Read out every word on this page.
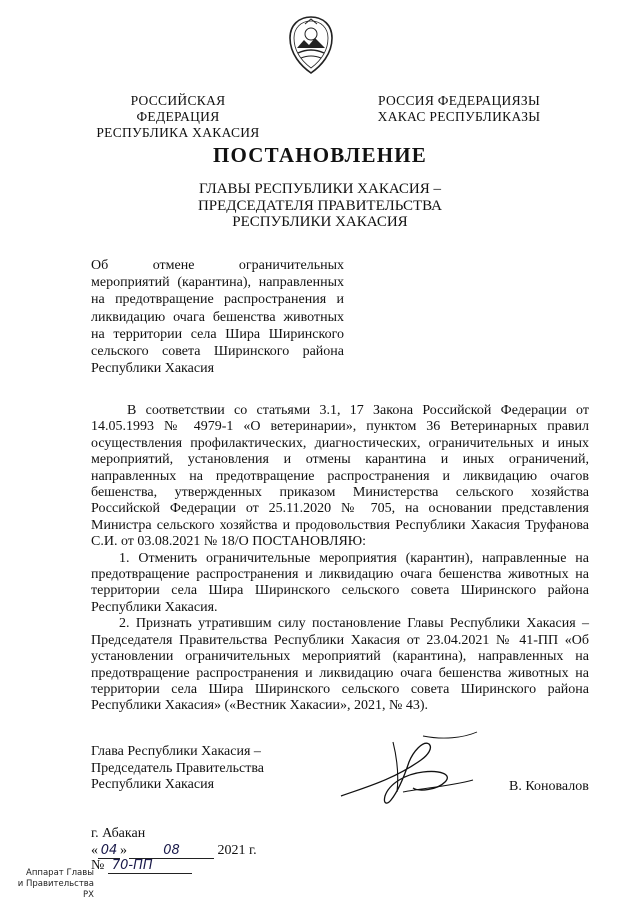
РОССИЙСКАЯ ФЕДЕРАЦИЯ
РЕСПУБЛИКА ХАКАСИЯ
РОССИЯ ФЕДЕРАЦИЯЗЫ
ХАКАС РЕСПУБЛИКАЗЫ
ПОСТАНОВЛЕНИЕ
ГЛАВЫ РЕСПУБЛИКИ ХАКАСИЯ –
ПРЕДСЕДАТЕЛЯ ПРАВИТЕЛЬСТВА
РЕСПУБЛИКИ ХАКАСИЯ
Об отмене ограничительных
мероприятий (карантина), направленных на предотвращение распространения и ликвидацию очага бешенства животных на территории села Шира Ширинского сельского совета Ширинского района Республики Хакасия

В соответствии со статьями 3.1, 17 Закона Российской Федерации от 14.05.1993 № 4979-1 «О ветеринарии», пунктом 36 Ветеринарных правил осуществления профилактических, диагностических, ограничительных и иных мероприятий, установления и отмены карантина и иных ограничений, направленных на предотвращение распространения и ликвидацию очагов бешенства, утвержденных приказом Министерства сельского хозяйства Российской Федерации от 25.11.2020 № 705, на основании представления Министра сельского хозяйства и продовольствия Республики Хакасия Труфанова С.И. от 03.08.2021 № 18/О ПОСТАНОВЛЯЮ:

1. Отменить ограничительные мероприятия (карантин), направленные на предотвращение распространения и ликвидацию очага бешенства животных на территории села Шира Ширинского сельского совета Ширинского района Республики Хакасия.

2. Признать утратившим силу постановление Главы Республики Хакасия – Председателя Правительства Республики Хакасия от 23.04.2021 № 41-ПП «Об установлении ограничительных мероприятий (карантина), направленных на предотвращение распространения и ликвидацию очага бешенства животных на территории села Шира Ширинского сельского совета Ширинского района Республики Хакасия» («Вестник Хакасии», 2021, № 43).

Глава Республики Хакасия –
Председатель Правительства
Республики Хакасия	В. Коновалов
г. Абакан
« 04 »	08	2021 г.
№ 70-ПП
Аппарат Главы
и Правительства РХ
